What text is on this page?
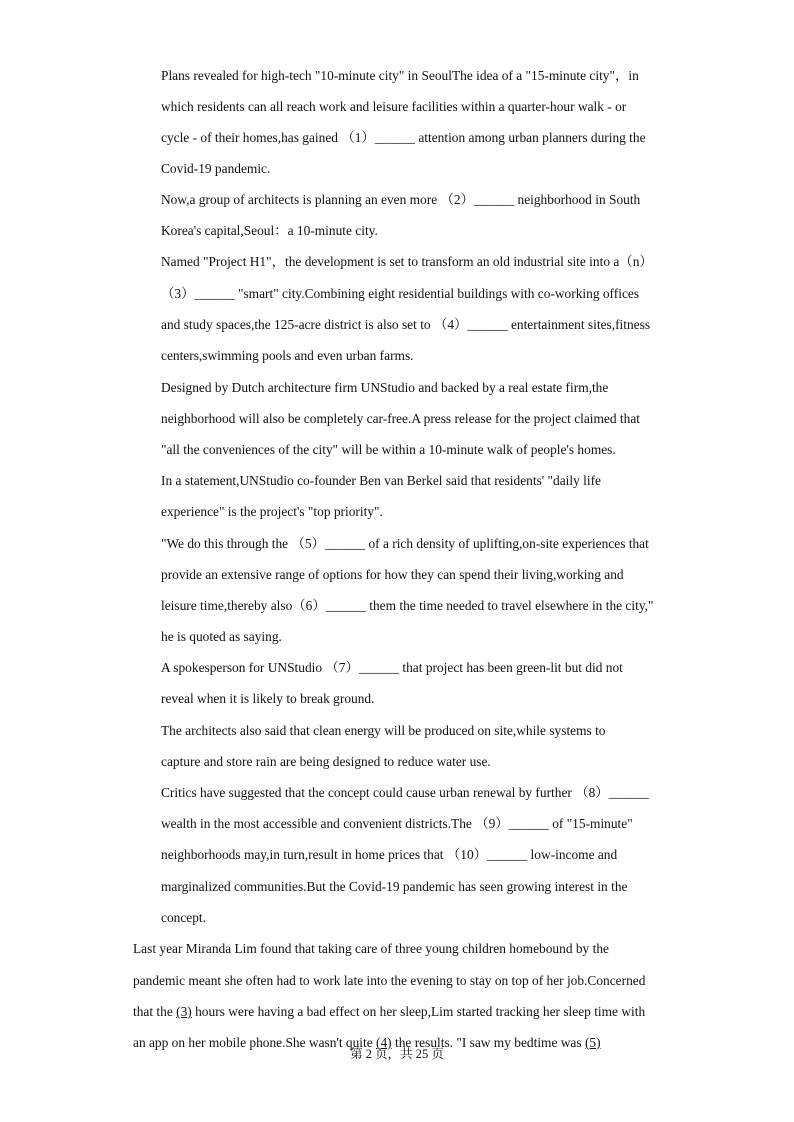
Plans revealed for high-tech "10-minute city" in SeoulThe idea of a "15-minute city"，in
which residents can all reach work and leisure facilities within a quarter-hour walk - or
cycle - of their homes,has gained （1）______ attention among urban planners during the
Covid-19 pandemic.
Now,a group of architects is planning an even more （2）______ neighborhood in South
Korea's capital,Seoul：a 10-minute city.
Named "Project H1"，the development is set to transform an old industrial site into a（n）
（3）______ "smart" city.Combining eight residential buildings with co-working offices
and study spaces,the 125-acre district is also set to （4）______ entertainment sites,fitness
centers,swimming pools and even urban farms.
Designed by Dutch architecture firm UNStudio and backed by a real estate firm,the
neighborhood will also be completely car-free.A press release for the project claimed that
"all the conveniences of the city" will be within a 10-minute walk of people's homes.
In a statement,UNStudio co-founder Ben van Berkel said that residents' "daily life
experience" is the project's "top priority".
"We do this through the （5）______ of a rich density of uplifting,on-site experiences that
provide an extensive range of options for how they can spend their living,working and
leisure time,thereby also（6）______ them the time needed to travel elsewhere in the city,"
he is quoted as saying.
A spokesperson for UNStudio （7）______ that project has been green-lit but did not
reveal when it is likely to break ground.
The architects also said that clean energy will be produced on site,while systems to
capture and store rain are being designed to reduce water use.
Critics have suggested that the concept could cause urban renewal by further （8）______
wealth in the most accessible and convenient districts.The （9）______ of "15-minute"
neighborhoods may,in turn,result in home prices that （10）______ low-income and
marginalized communities.But the Covid-19 pandemic has seen growing interest in the
concept.
Last year Miranda Lim found that taking care of three young children homebound by the
pandemic meant she often had to work late into the evening to stay on top of her job.Concerned
that the (3) hours were having a bad effect on her sleep,Lim started tracking her sleep time with
an app on her mobile phone.She wasn't quite (4) the results. "I saw my bedtime was (5)
第 2 页，共 25 页
